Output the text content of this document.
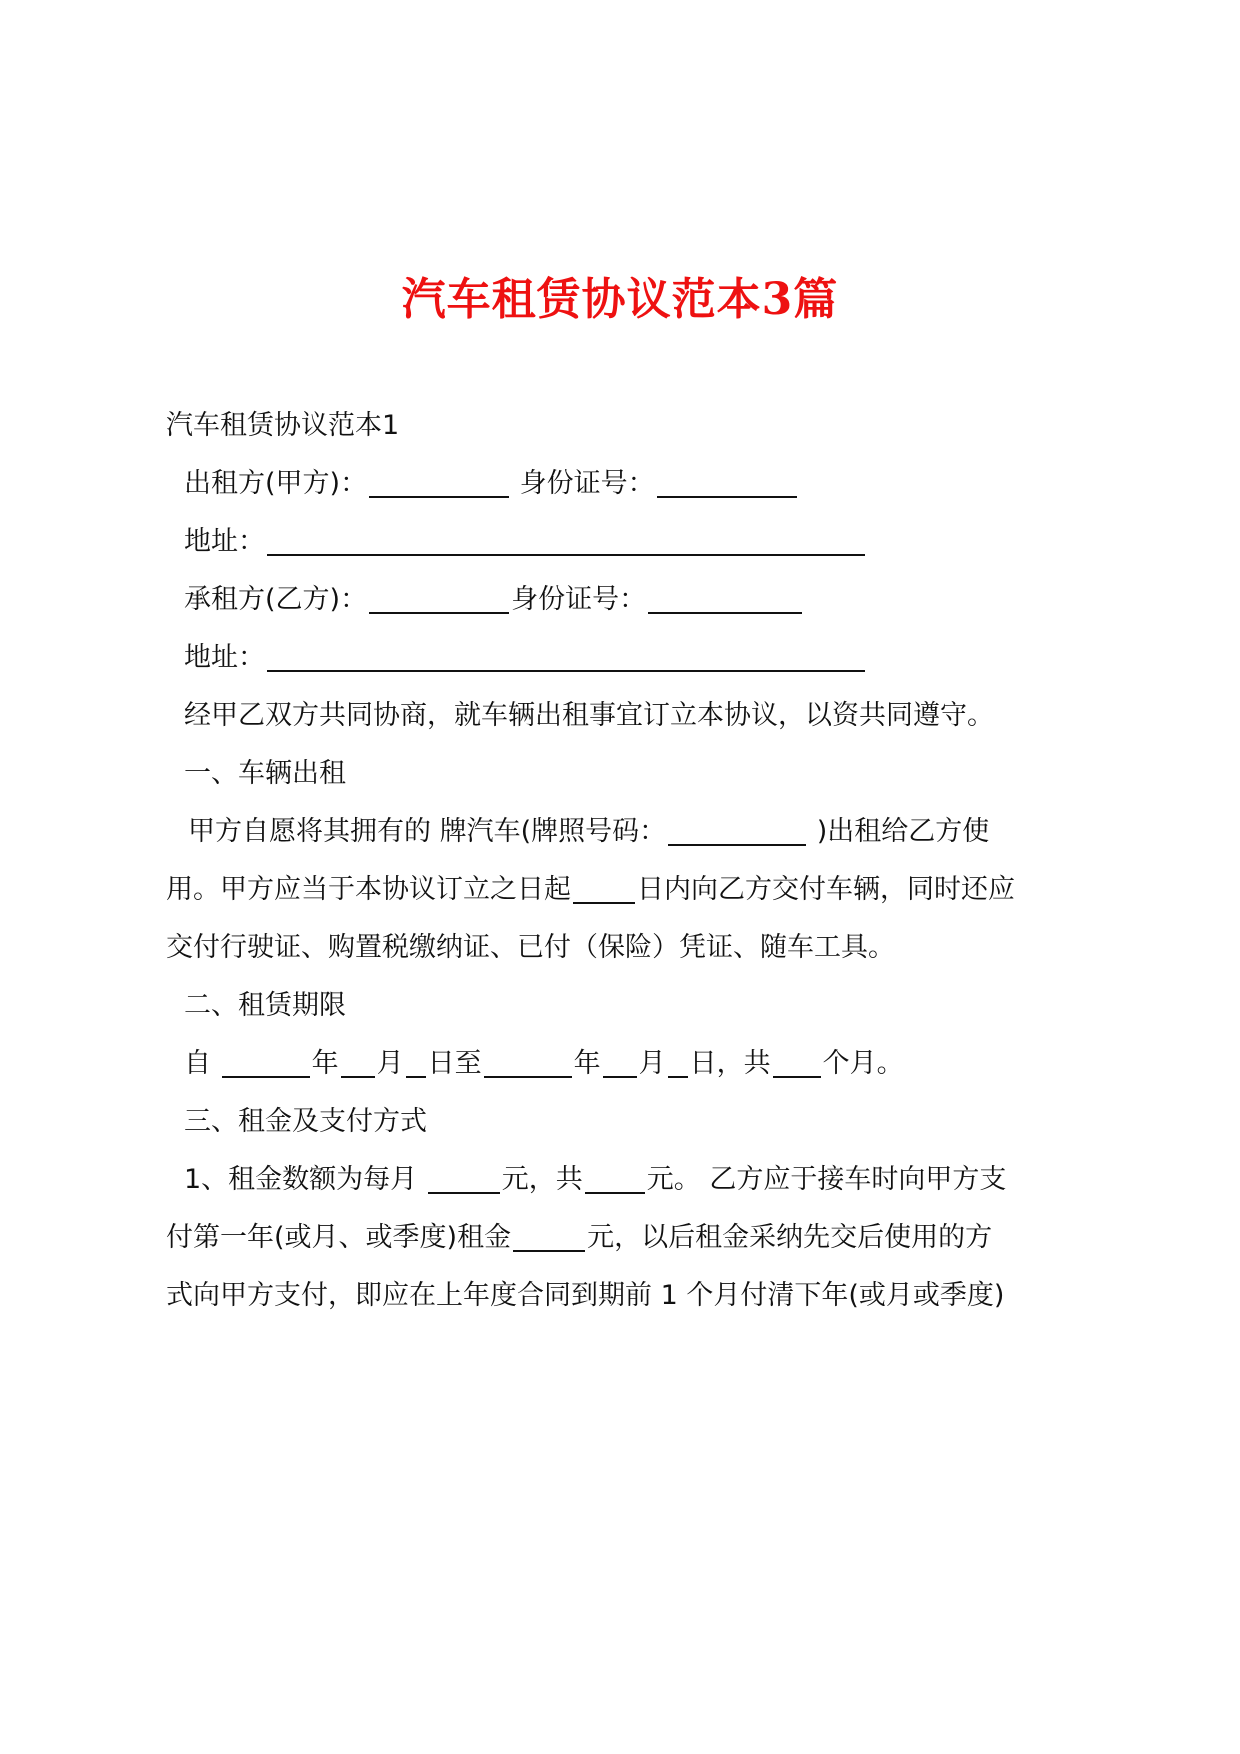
汽车租赁协议范本3篇
汽车租赁协议范本1
出租方(甲方)：	身份证号：
地址：
承租方(乙方)：	身份证号：
地址：
经甲乙双方共同协商，就车辆出租事宜订立本协议，以资共同遵守。
一、车辆出租
甲方自愿将其拥有的 牌汽车(牌照号码：	)出租给乙方使
用。甲方应当于本协议订立之日起 日内向乙方交付车辆，同时还应
交付行驶证、购置税缴纳证、已付（保险）凭证、随车工具。
二、租赁期限
自	年 月 日至	年 月 日，共 个月。
三、租金及支付方式
1、租金数额为每月	元，共 元。 乙方应于接车时向甲方支
付第一年(或月、或季度)租金	元，以后租金采纳先交后使用的方
式向甲方支付，即应在上年度合同到期前 1 个月付清下年(或月或季度)
